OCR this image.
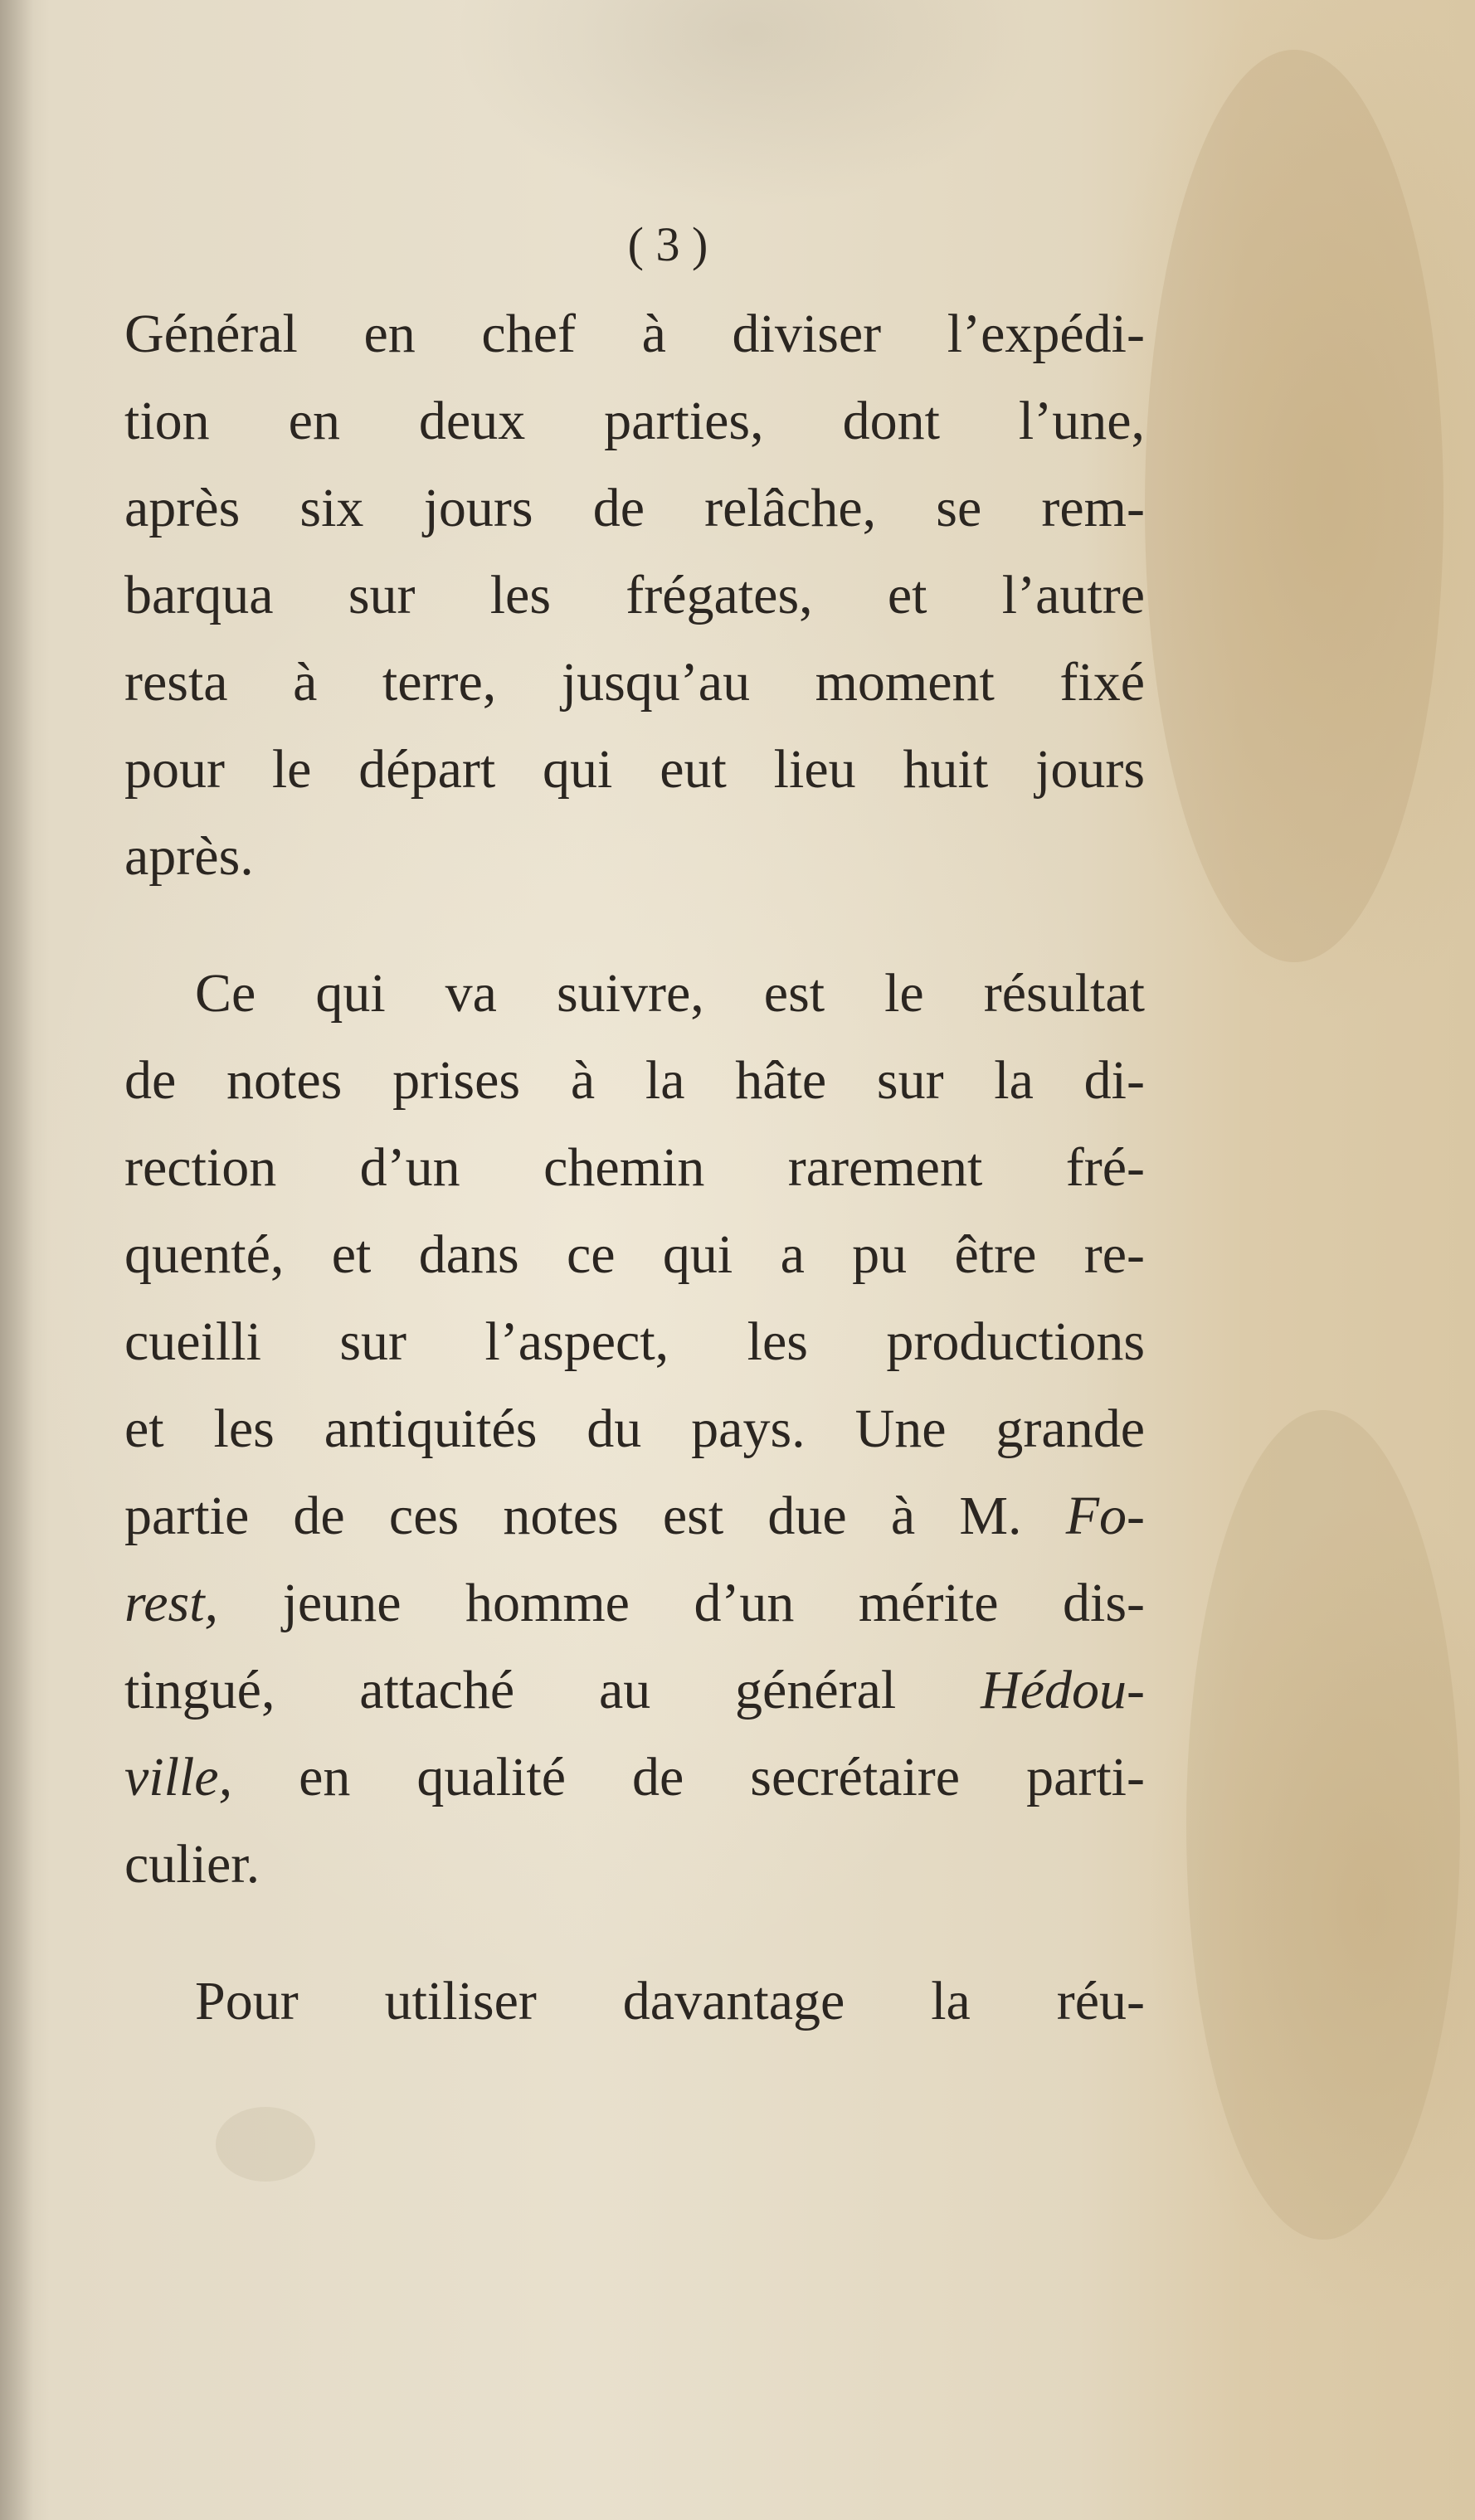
( 3 )
Général en chef à diviser l’expédi-
tion en deux parties, dont l’une,
après six jours de relâche, se rem-
barqua sur les frégates, et l’autre
resta à terre, jusqu’au moment fixé
pour le départ qui eut lieu huit jours
après.
Ce qui va suivre, est le résultat
de notes prises à la hâte sur la di-
rection d’un chemin rarement fré-
quenté, et dans ce qui a pu être re-
cueilli sur l’aspect, les productions
et les antiquités du pays. Une grande
partie de ces notes est due à M. Fo-
rest, jeune homme d’un mérite dis-
tingué, attaché au général Hédou-
ville, en qualité de secrétaire parti-
culier.
Pour utiliser davantage la réu-
